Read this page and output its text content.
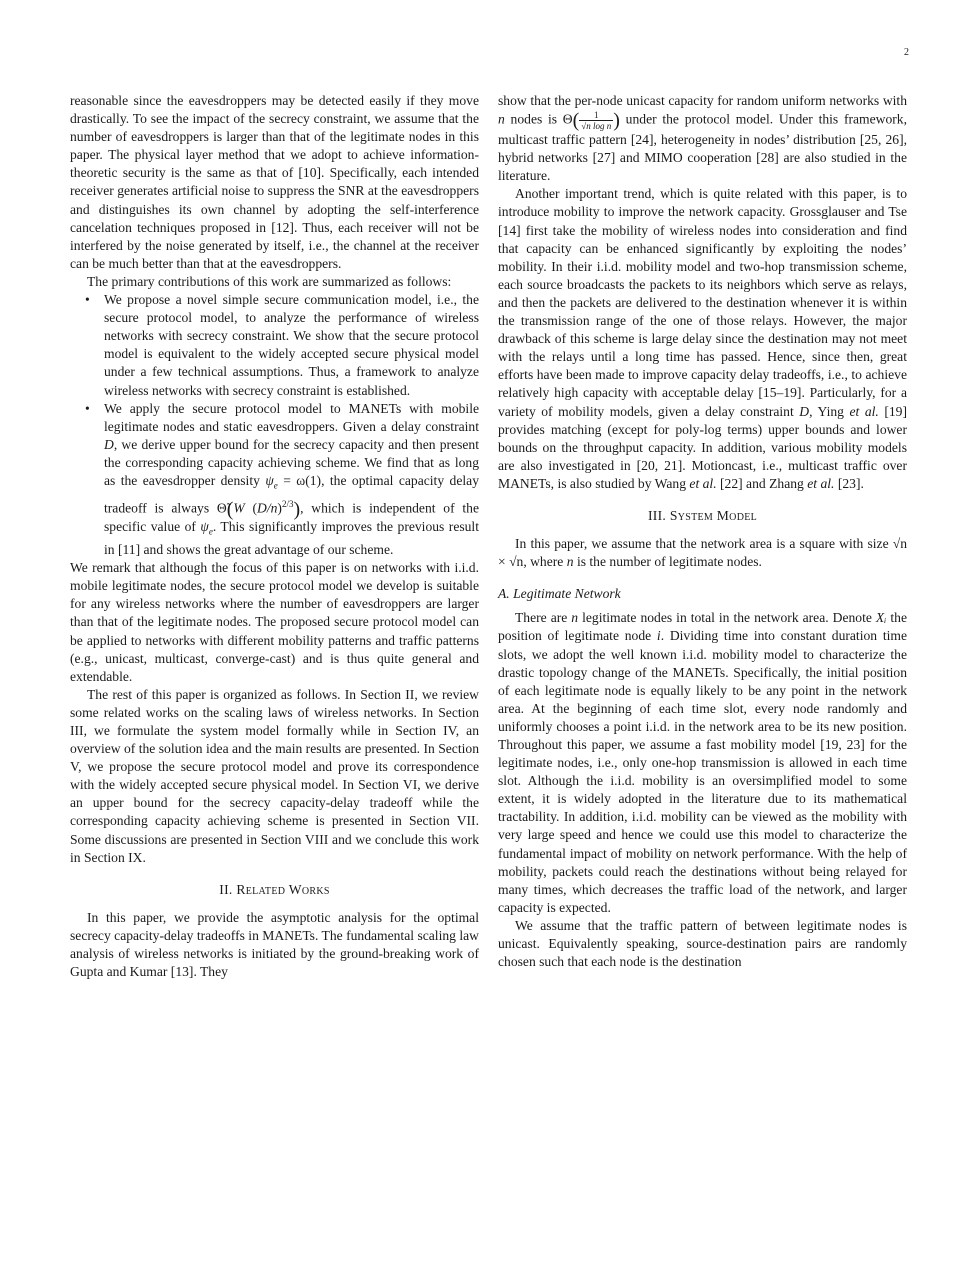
2

reasonable since the eavesdroppers may be detected easily if they move drastically. To see the impact of the secrecy constraint, we assume that the number of eavesdroppers is larger than that of the legitimate nodes in this paper. The physical layer method that we adopt to achieve information-theoretic security is the same as that of [10]. Specifically, each intended receiver generates artificial noise to suppress the SNR at the eavesdroppers and distinguishes its own channel by adopting the self-interference cancelation techniques proposed in [12]. Thus, each receiver will not be interfered by the noise generated by itself, i.e., the channel at the receiver can be much better than that at the eavesdroppers.

The primary contributions of this work are summarized as follows:

• We propose a novel simple secure communication model, i.e., the secure protocol model, to analyze the performance of wireless networks with secrecy constraint. We show that the secure protocol model is equivalent to the widely accepted secure physical model under a few technical assumptions. Thus, a framework to analyze wireless networks with secrecy constraint is established.
• We apply the secure protocol model to MANETs with mobile legitimate nodes and static eavesdroppers. Given a delay constraint D, we derive upper bound for the secrecy capacity and then present the corresponding capacity achieving scheme. We find that as long as the eavesdropper density $\psi_e = \omega(1)$, the optimal capacity delay tradeoff is always Θ̃(W $(D/n)^{2/3}$), which is independent of the specific value of $\psi_e$. This significantly improves the previous result in [11] and shows the great advantage of our scheme.

We remark that although the focus of this paper is on networks with i.i.d. mobile legitimate nodes, the secure protocol model we develop is suitable for any wireless networks where the number of eavesdroppers are larger than that of the legitimate nodes. The proposed secure protocol model can be applied to networks with different mobility patterns and traffic patterns (e.g., unicast, multicast, converge-cast) and is thus quite general and extendable.

The rest of this paper is organized as follows. In Section II, we review some related works on the scaling laws of wireless networks. In Section III, we formulate the system model formally while in Section IV, an overview of the solution idea and the main results are presented. In Section V, we propose the secure protocol model and prove its correspondence with the widely accepted secure physical model. In Section VI, we derive an upper bound for the secrecy capacity-delay tradeoff while the corresponding capacity achieving scheme is presented in Section VII. Some discussions are presented in Section VIII and we conclude this work in Section IX.

II. Related Works

In this paper, we provide the asymptotic analysis for the optimal secrecy capacity-delay tradeoffs in MANETs. The fundamental scaling law analysis of wireless networks is initiated by the ground-breaking work of Gupta and Kumar [13]. They

show that the per-node unicast capacity for random uniform networks with n nodes is $\Theta( \frac{1}{\text{√n log n}}$ ) under the protocol model. Under this framework, multicast traffic pattern [24], heterogeneity in nodes’ distribution [25, 26], hybrid networks [27] and MIMO cooperation [28] are also studied in the literature.

Another important trend, which is quite related with this paper, is to introduce mobility to improve the network capacity. Grossglauser and Tse [14] first take the mobility of wireless nodes into consideration and find that capacity can be enhanced significantly by exploiting the nodes’ mobility. In their i.i.d. mobility model and two-hop transmission scheme, each source broadcasts the packets to its neighbors which serve as relays, and then the packets are delivered to the destination whenever it is within the transmission range of the one of those relays. However, the major drawback of this scheme is large delay since the destination may not meet with the relays until a long time has passed. Hence, since then, great efforts have been made to improve capacity delay tradeoffs, i.e., to achieve relatively high capacity with acceptable delay [15–19]. Particularly, for a variety of mobility models, given a delay constraint D, Ying et al. [19] provides matching (except for poly-log terms) upper bounds and lower bounds on the throughput capacity. In addition, various mobility models are also investigated in [20, 21]. Motioncast, i.e., multicast traffic over MANETs, is also studied by Wang et al. [22] and Zhang et al. [23].

III. System Model

In this paper, we assume that the network area is a square with size √n × √n, where n is the number of legitimate nodes.

A. Legitimate Network

There are n legitimate nodes in total in the network area. Denote Xᵢ the position of legitimate node i. Dividing time into constant duration time slots, we adopt the well known i.i.d. mobility model to characterize the drastic topology change of the MANETs. Specifically, the initial position of each legitimate node is equally likely to be any point in the network area. At the beginning of each time slot, every node randomly and uniformly chooses a point i.i.d. in the network area to be its new position. Throughout this paper, we assume a fast mobility model [19, 23] for the legitimate nodes, i.e., only one-hop transmission is allowed in each time slot. Although the i.i.d. mobility is an oversimplified model to some extent, it is widely adopted in the literature due to its mathematical tractability. In addition, i.i.d. mobility can be viewed as the mobility with very large speed and hence we could use this model to characterize the fundamental impact of mobility on network performance. With the help of mobility, packets could reach the destinations without being relayed for many times, which decreases the traffic load of the network, and larger capacity is expected.

We assume that the traffic pattern of between legitimate nodes is unicast. Equivalently speaking, source-destination pairs are randomly chosen such that each node is the destination
